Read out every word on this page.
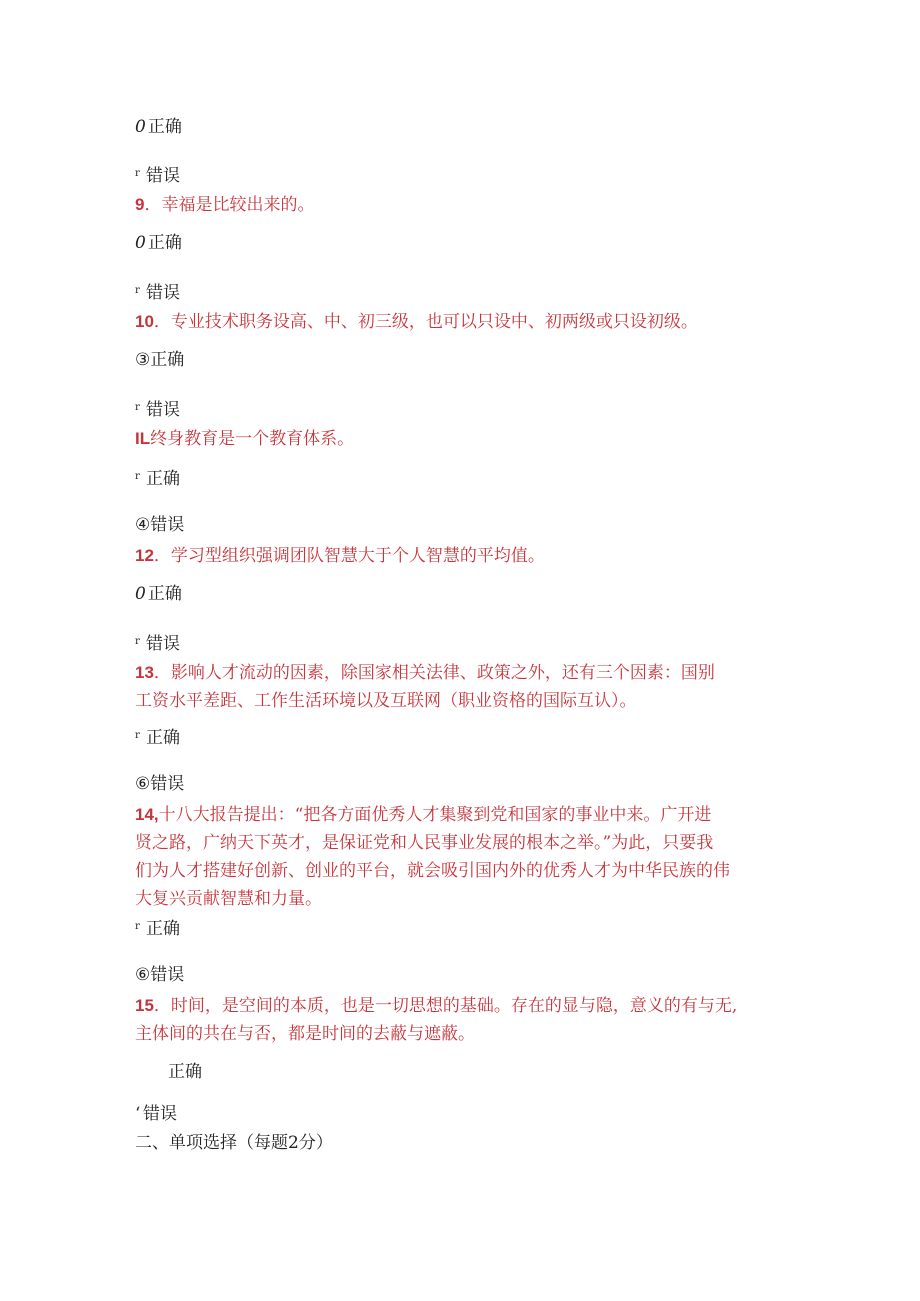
0 正确
r 错误
9．幸福是比较出来的。
0 正确
r 错误
10．专业技术职务设高、中、初三级，也可以只设中、初两级或只设初级。
③正确
r 错误
IL终身教育是一个教育体系。
r 正确
④错误
12．学习型组织强调团队智慧大于个人智慧的平均值。
0 正确
r 错误
13．影响人才流动的因素，除国家相关法律、政策之外，还有三个因素：国别
工资水平差距、工作生活环境以及互联网（职业资格的国际互认）。
r 正确
⑥错误
14,十八大报告提出：“把各方面优秀人才集聚到党和国家的事业中来。广开进
贤之路，广纳天下英才，是保证党和人民事业发展的根本之举。”为此，只要我
们为人才搭建好创新、创业的平台，就会吸引国内外的优秀人才为中华民族的伟
大复兴贡献智慧和力量。
r 正确
⑥错误
15．时间，是空间的本质，也是一切思想的基础。存在的显与隐，意义的有与无,
主体间的共在与否，都是时间的去蔽与遮蔽。
正确
‘ 错误
二、单项选择（每题2分）
